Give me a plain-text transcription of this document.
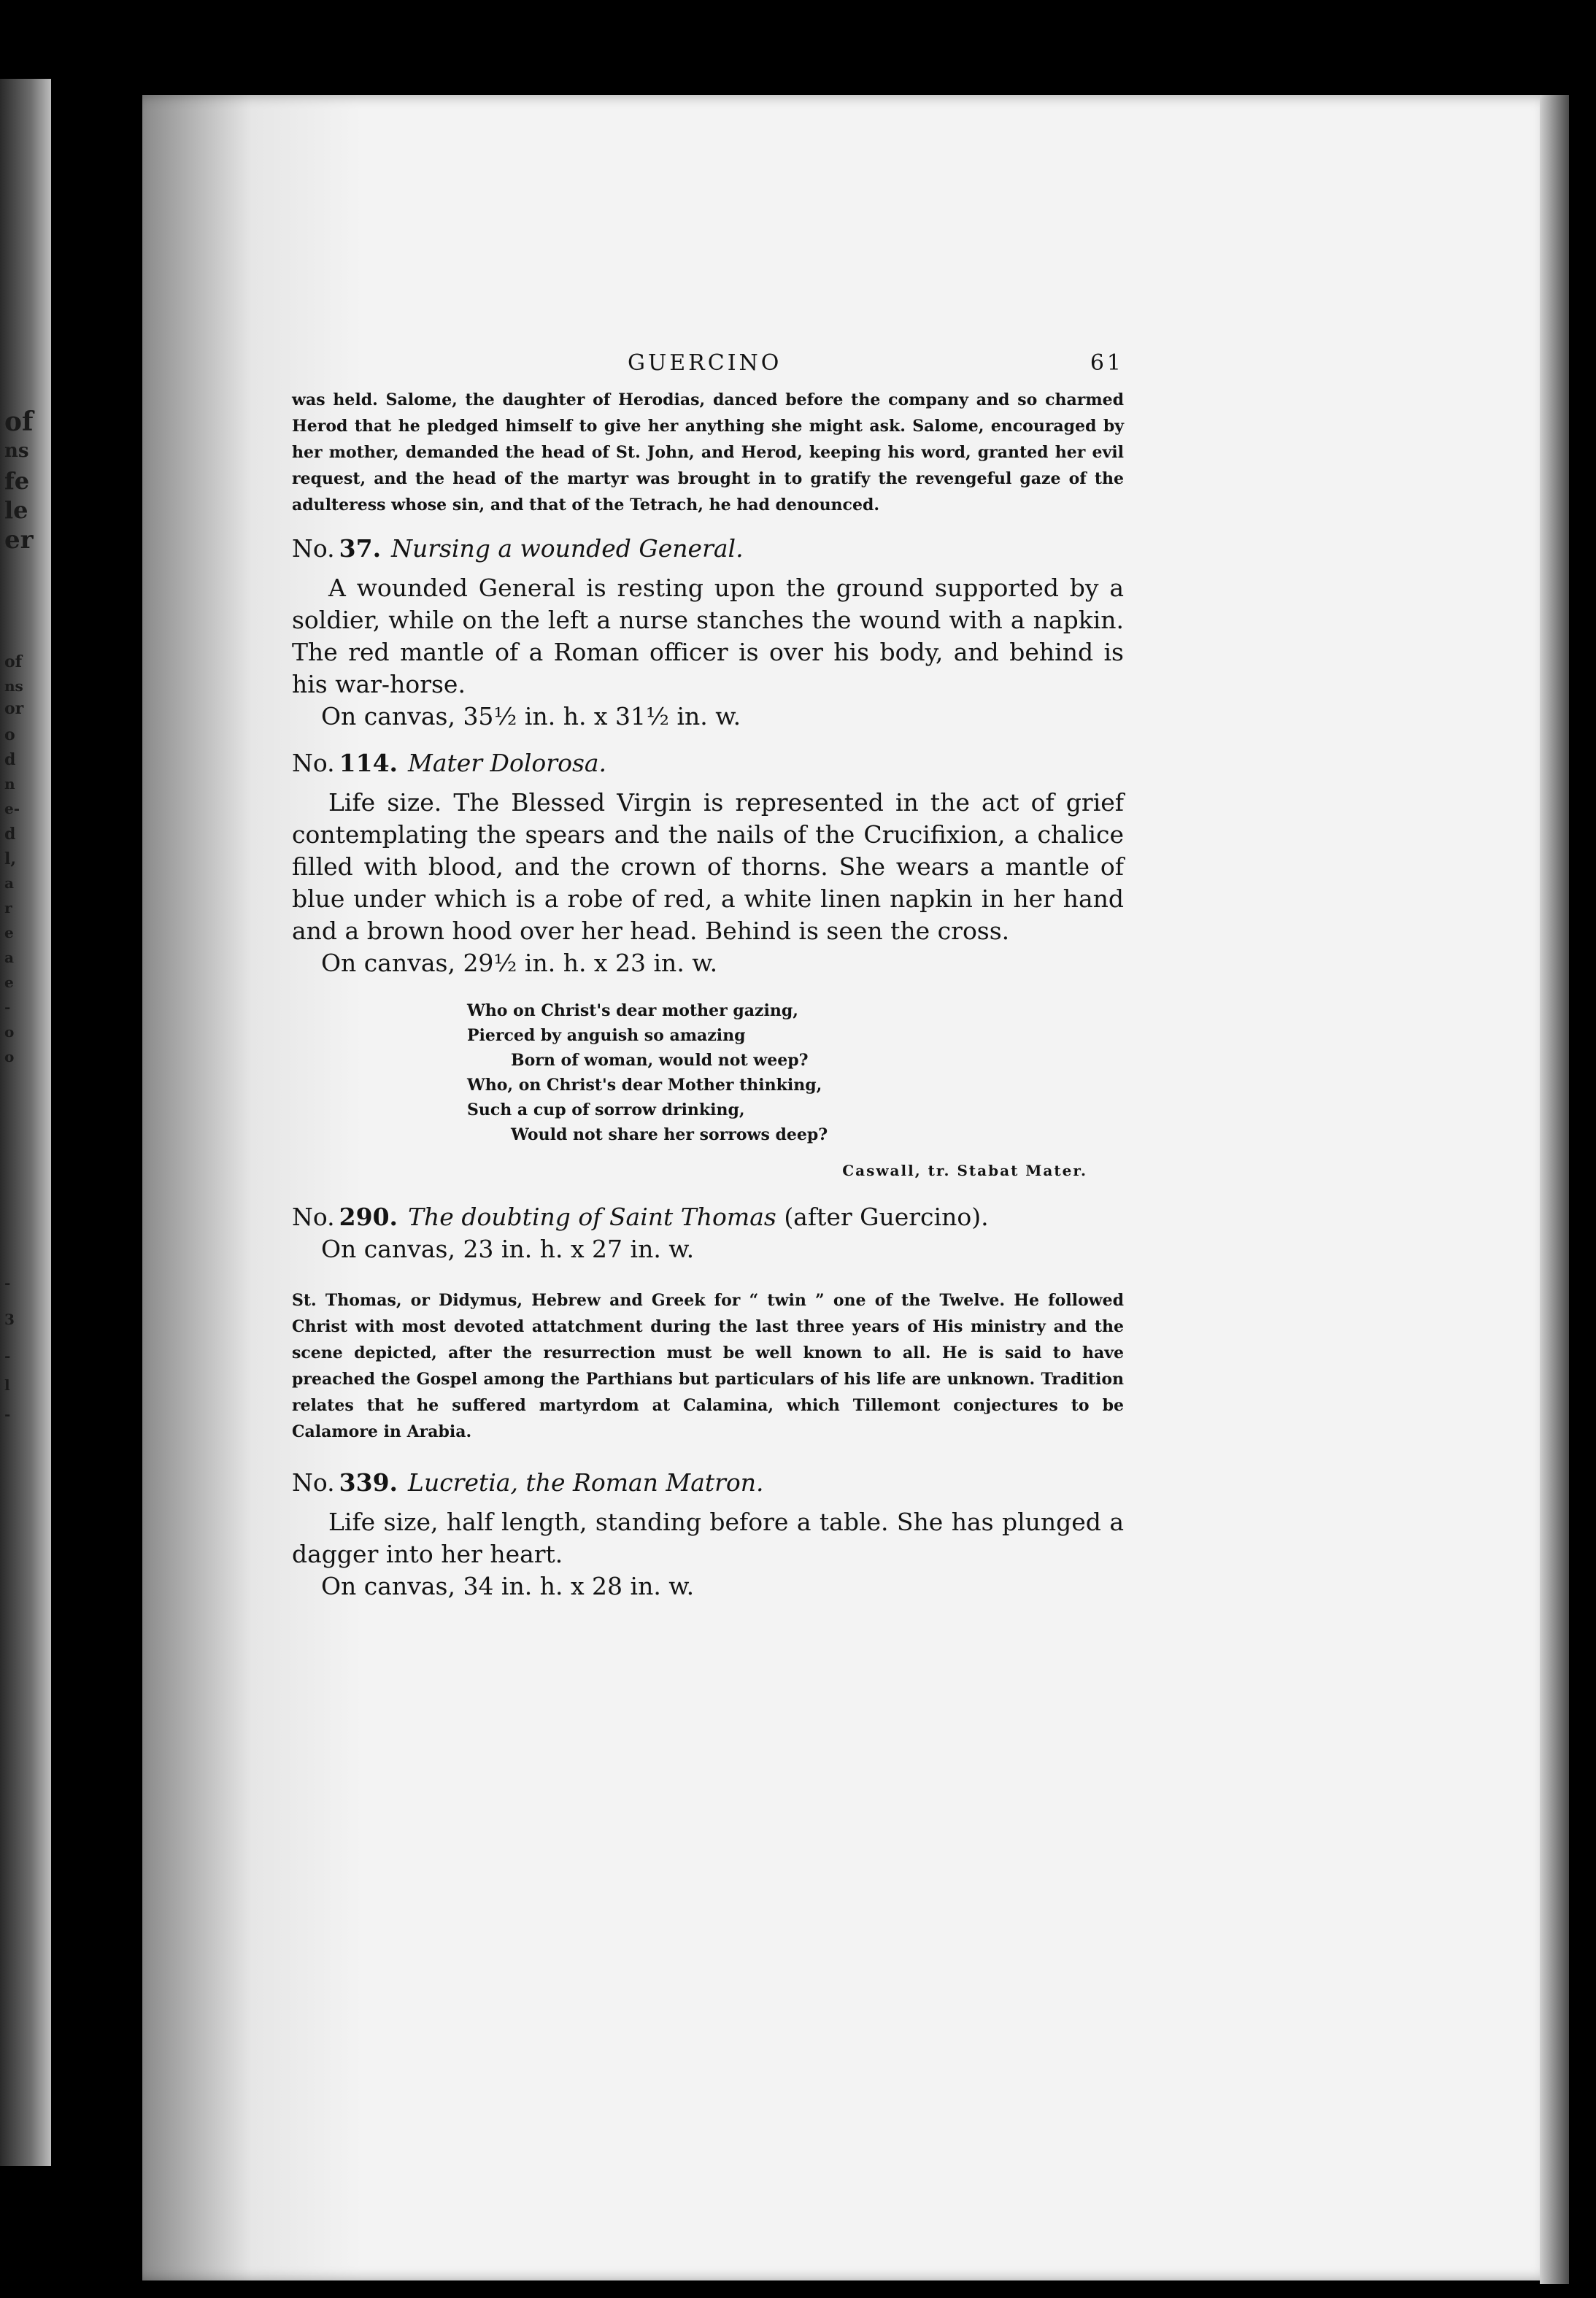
of
ns
fe
le
er
of
ns
or
o
d
n
e-
d
l,
a
r
e
a
e
-
o
o
-
3
-
l
-
GUERCINO	61

was held. Salome, the daughter of Herodias, danced before the company and so charmed Herod that he pledged himself to give her anything she might ask. Salome, encouraged by her mother, demanded the head of St. John, and Herod, keeping his word, granted her evil request, and the head of the martyr was brought in to gratify the revengeful gaze of the adulteress whose sin, and that of the Tetrach, he had denounced.

No. 37. Nursing a wounded General.
A wounded General is resting upon the ground supported by a soldier, while on the left a nurse stanches the wound with a napkin. The red mantle of a Roman officer is over his body, and behind is his war-horse.
On canvas, 35½ in. h. x 31½ in. w.
No. 114. Mater Dolorosa.
Life size. The Blessed Virgin is represented in the act of grief contemplating the spears and the nails of the Crucifixion, a chalice filled with blood, and the crown of thorns. She wears a mantle of blue under which is a robe of red, a white linen napkin in her hand and a brown hood over her head. Behind is seen the cross.
On canvas, 29½ in. h. x 23 in. w.
Who on Christ's dear mother gazing,
Pierced by anguish so amazing
Born of woman, would not weep?
Who, on Christ's dear Mother thinking,
Such a cup of sorrow drinking,
Would not share her sorrows deep?
Caswall, tr. Stabat Mater.
No. 290. The doubting of Saint Thomas (after Guercino).
On canvas, 23 in. h. x 27 in. w.

St. Thomas, or Didymus, Hebrew and Greek for “ twin ” one of the Twelve. He followed Christ with most devoted attatchment during the last three years of His ministry and the scene depicted, after the resurrection must be well known to all. He is said to have preached the Gospel among the Parthians but particulars of his life are unknown. Tradition relates that he suffered martyrdom at Calamina, which Tillemont conjectures to be Calamore in Arabia.

No. 339. Lucretia, the Roman Matron.
Life size, half length, standing before a table. She has plunged a dagger into her heart.
On canvas, 34 in. h. x 28 in. w.
